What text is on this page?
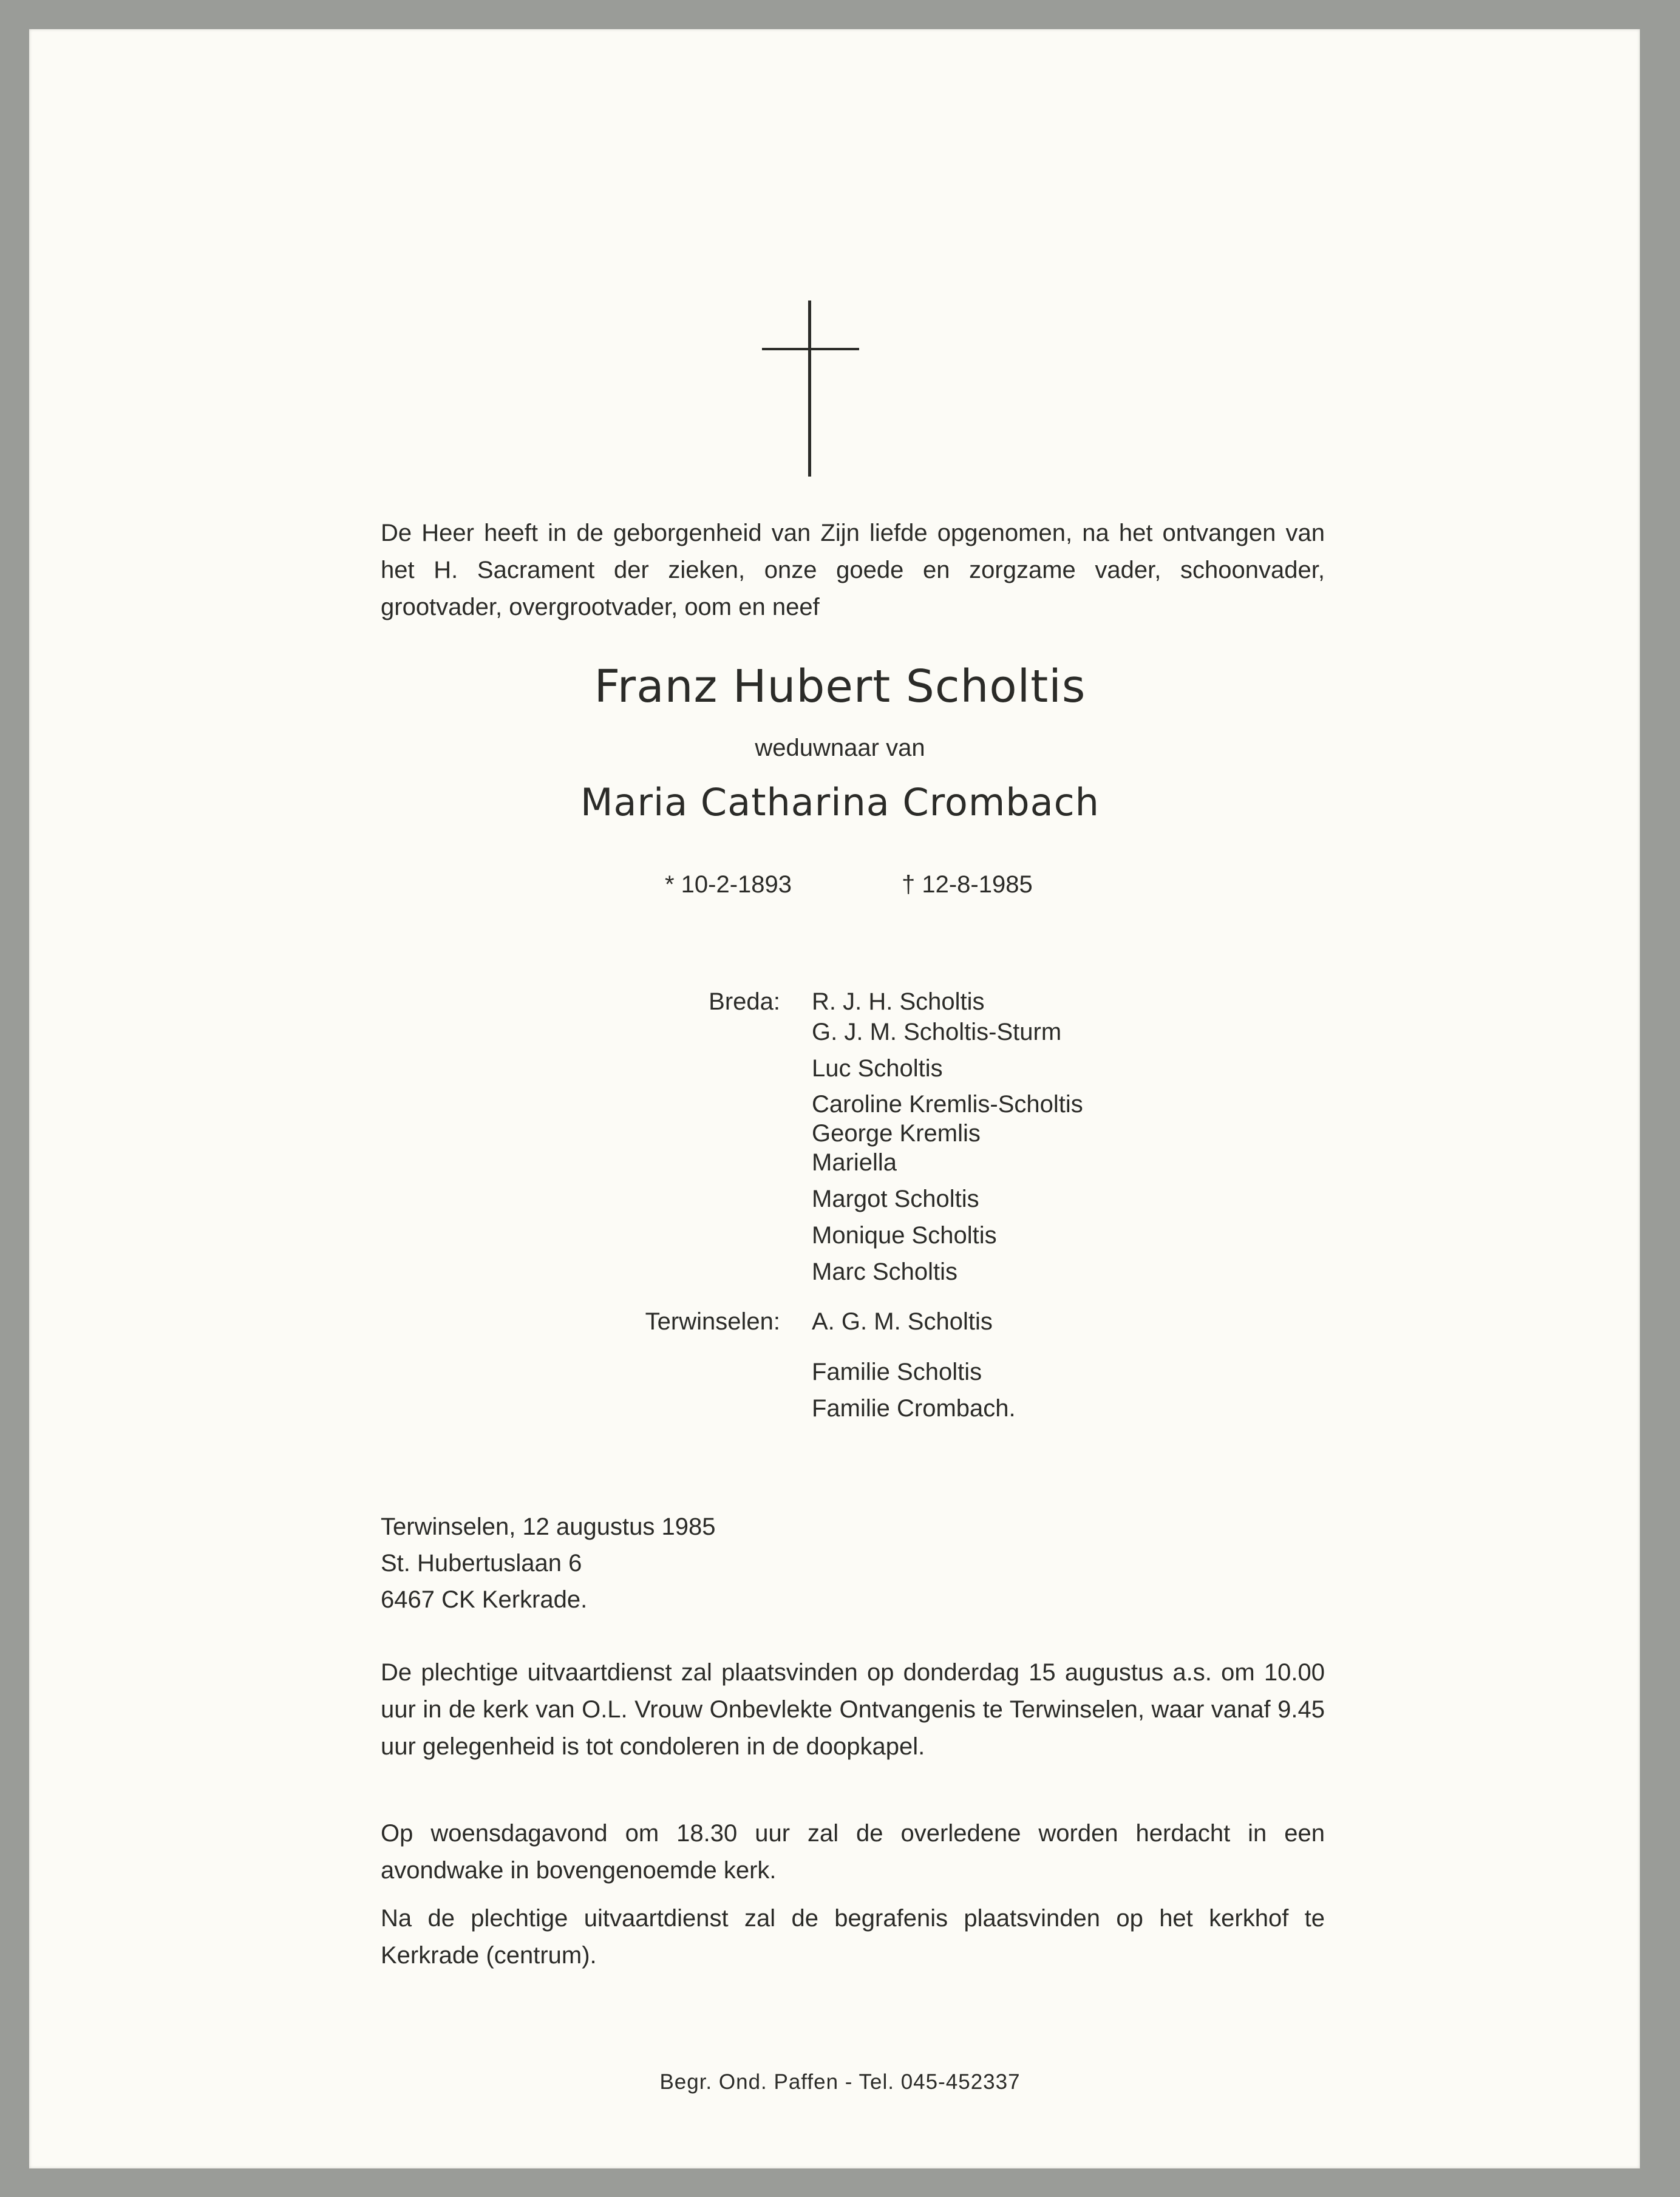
De Heer heeft in de geborgenheid van Zijn liefde opgenomen, na het ontvangen van het H. Sacrament der zieken, onze goede en zorgzame vader, schoonvader, grootvader, overgrootvader, oom en neef
Franz Hubert Scholtis
weduwnaar van
Maria Catharina Crombach
* 10-2-1893	† 12-8-1985
Breda: R. J. H. Scholtis
G. J. M. Scholtis-Sturm
Luc Scholtis
Caroline Kremlis-Scholtis
George Kremlis
Mariella
Margot Scholtis
Monique Scholtis
Marc Scholtis
Terwinselen: A. G. M. Scholtis
Familie Scholtis
Familie Crombach.
Terwinselen, 12 augustus 1985
St. Hubertuslaan 6
6467 CK Kerkrade.
De plechtige uitvaartdienst zal plaatsvinden op donderdag 15 augustus a.s. om 10.00 uur in de kerk van O.L. Vrouw Onbevlekte Ontvangenis te Terwinselen, waar vanaf 9.45 uur gelegenheid is tot condoleren in de doopkapel.
Op woensdagavond om 18.30 uur zal de overledene worden herdacht in een avondwake in bovengenoemde kerk.
Na de plechtige uitvaartdienst zal de begrafenis plaatsvinden op het kerkhof te Kerkrade (centrum).
Begr. Ond. Paffen - Tel. 045-452337
